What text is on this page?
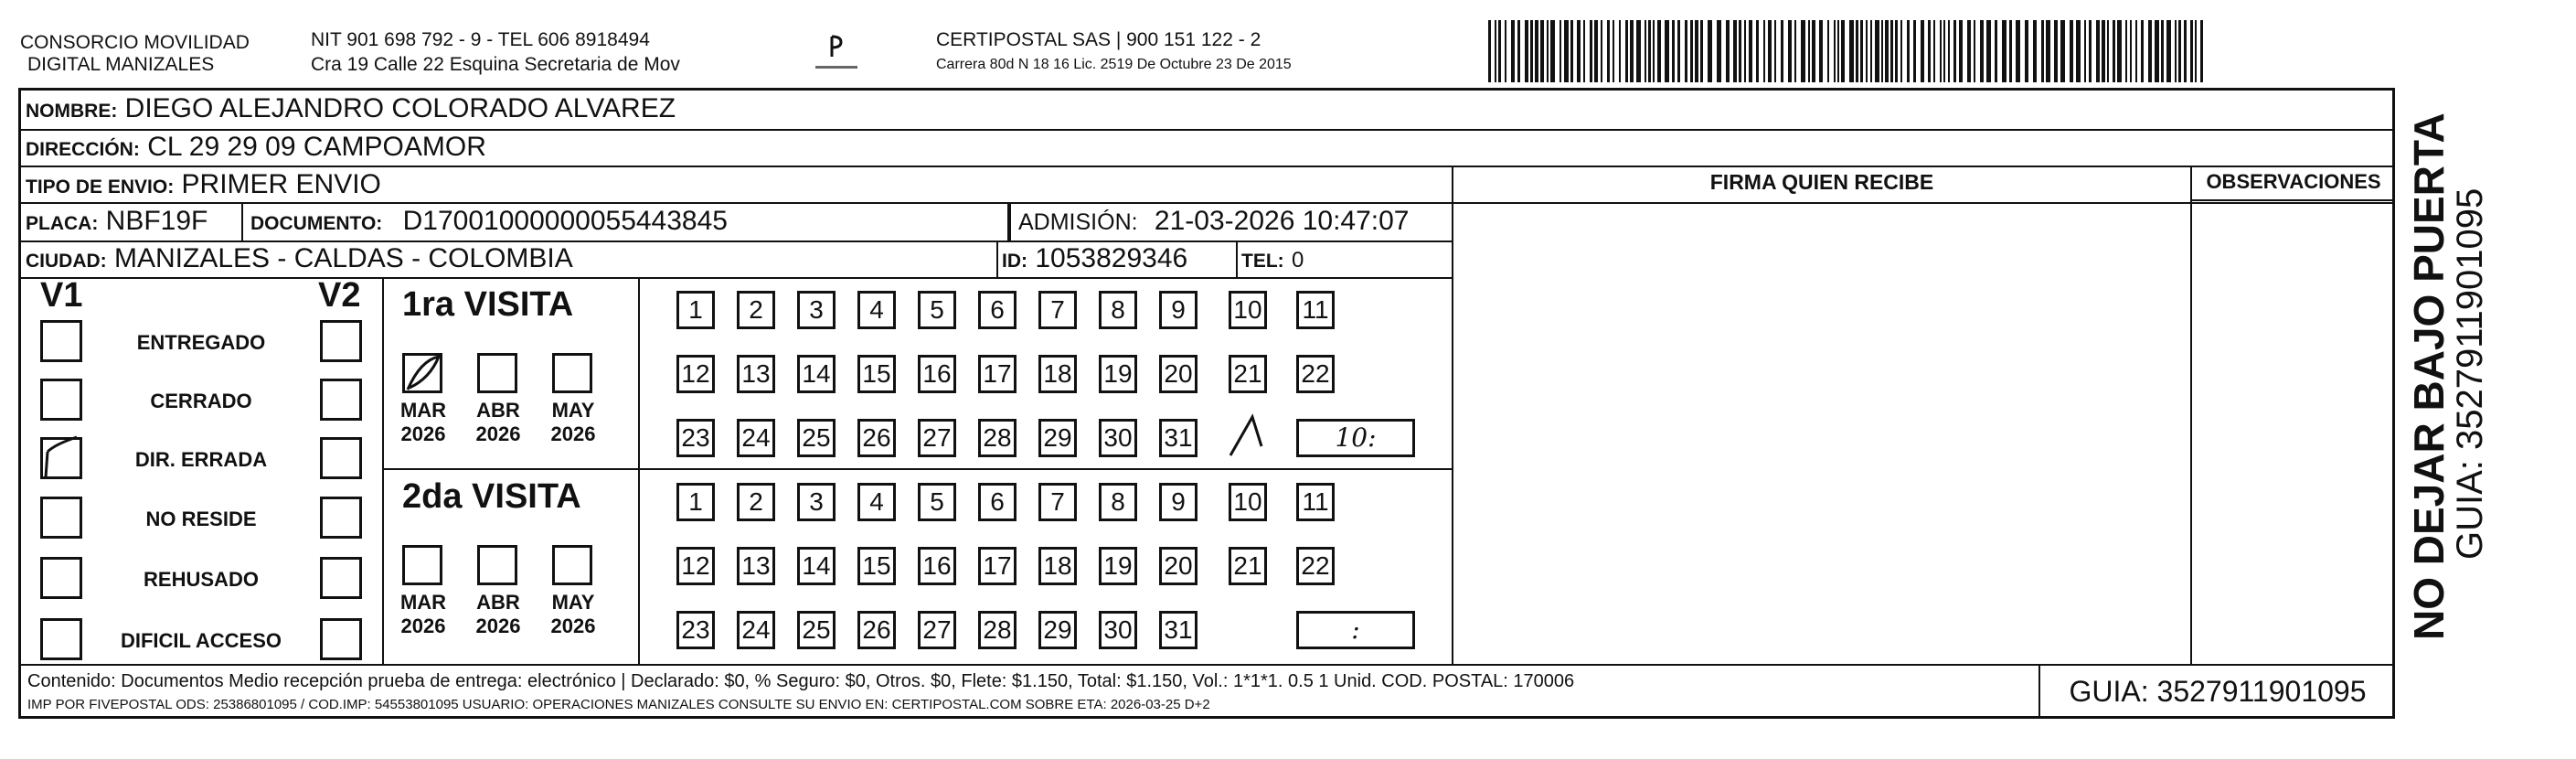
CONSORCIO MOVILIDAD
DIGITAL MANIZALES
NIT 901 698 792 - 9 - TEL 606 8918494
Cra 19 Calle 22 Esquina Secretaria de Mov
CERTIPOSTAL SAS | 900 151 122 - 2
Carrera 80d N 18 16 Lic. 2519 De Octubre 23 De 2015
NOMBRE: DIEGO ALEJANDRO COLORADO ALVAREZ
DIRECCIÓN: CL 29 29 09 CAMPOAMOR
TIPO DE ENVIO: PRIMER ENVIO
PLACA: NBF19F DOCUMENTO: D17001000000055443845	ADMISIÓN: 21-03-2026 10:47:07
CIUDAD: MANIZALES - CALDAS - COLOMBIA	ID: 1053829346	TEL: 0
FIRMA QUIEN RECIBE	OBSERVACIONES
V1	V2
ENTREGADO
CERRADO
DIR. ERRADA
NO RESIDE
REHUSADO
DIFICIL ACCESO
1ra VISITA
MAR
2026
ABR
2026
MAY
2026
1	2	3	4	5	6	7	8	9	10 11
12 13 14 15 16 17 18 19 20 21 22
23 24 25 26 27 28 29 30 31	10:
2da VISITA
MAR
2026
ABR
2026
MAY
2026
1	2	3	4	5	6	7	8	9	10 11
12 13 14 15 16 17 18 19 20 21 22
23 24 25 26 27 28 29 30 31	:
Contenido: Documentos Medio recepción prueba de entrega: electrónico | Declarado: $0, % Seguro: $0, Otros. $0, Flete: $1.150, Total: $1.150, Vol.: 1*1*1. 0.5 1 Unid. COD. POSTAL: 170006
IMP POR FIVEPOSTAL ODS: 25386801095 / COD.IMP: 54553801095 USUARIO: OPERACIONES MANIZALES CONSULTE SU ENVIO EN: CERTIPOSTAL.COM SOBRE ETA: 2026-03-25 D+2	GUIA: 3527911901095
NO DEJAR BAJO PUERTA
GUIA: 3527911901095
